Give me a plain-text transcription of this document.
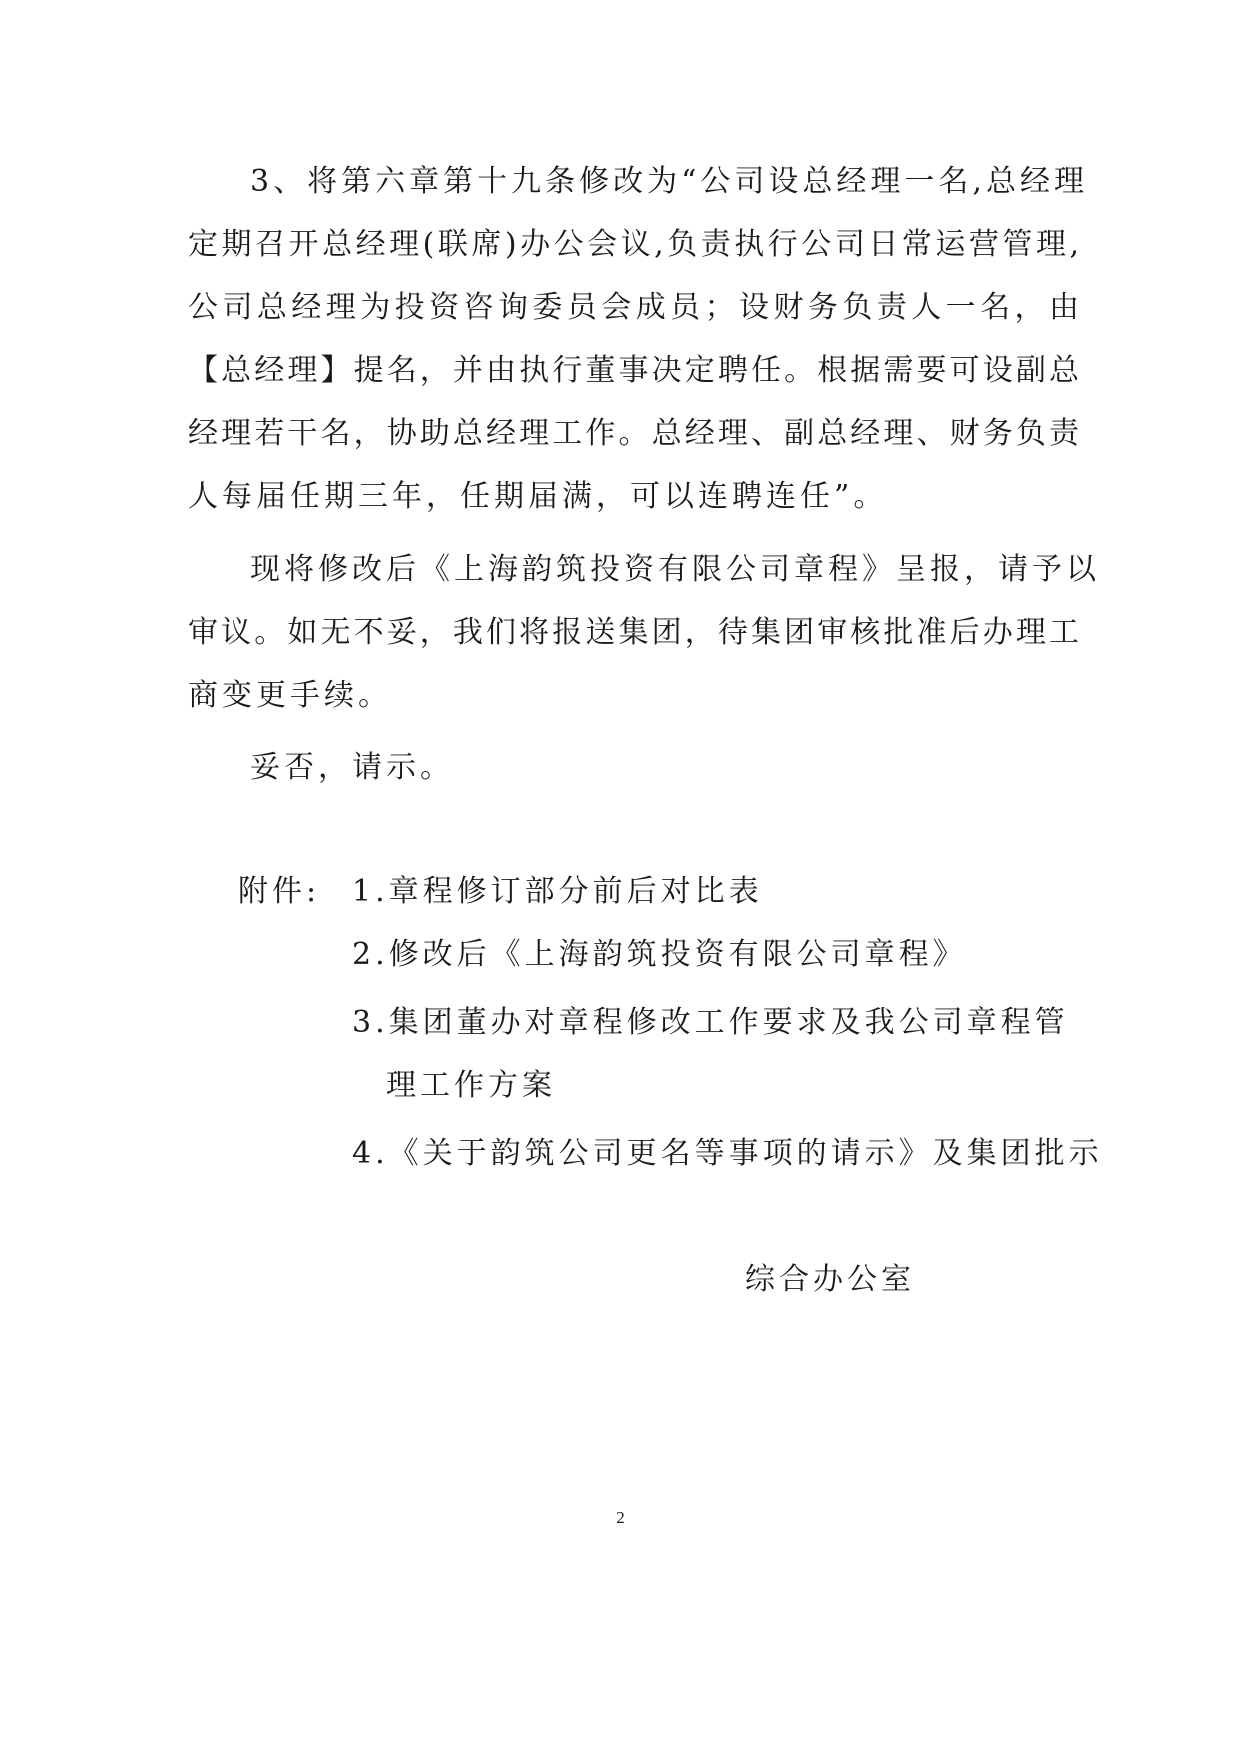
3、将第六章第十九条修改为“公司设总经理一名,总经理
定期召开总经理(联席)办公会议,负责执行公司日常运营管理,
公司总经理为投资咨询委员会成员；设财务负责人一名，由
【总经理】提名，并由执行董事决定聘任。根据需要可设副总
经理若干名，协助总经理工作。总经理、副总经理、财务负责
人每届任期三年，任期届满，可以连聘连任”。
现将修改后《上海韵筑投资有限公司章程》呈报，请予以
审议。如无不妥，我们将报送集团，待集团审核批准后办理工
商变更手续。
妥否，请示。
附件: 1.章程修订部分前后对比表
2.修改后《上海韵筑投资有限公司章程》
3.集团董办对章程修改工作要求及我公司章程管
理工作方案
4.《关于韵筑公司更名等事项的请示》及集团批示
综合办公室
2
